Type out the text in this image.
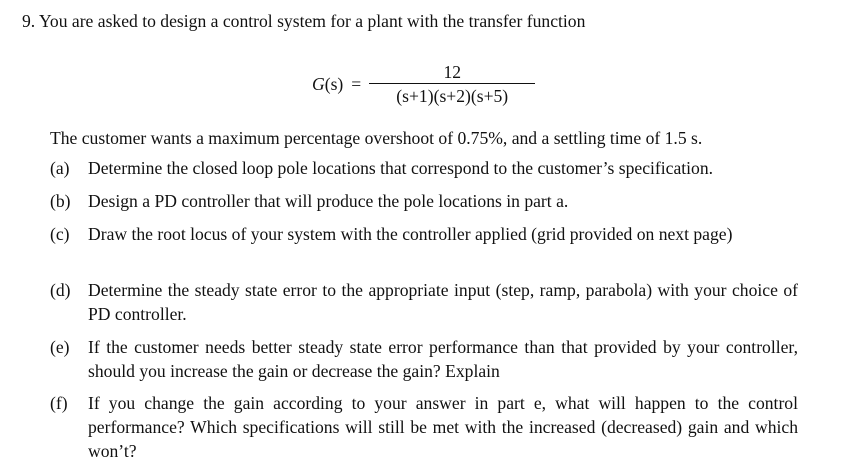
9. You are asked to design a control system for a plant with the transfer function
$G(s) = \frac{12}{(s+1)(s+2)(s+5)}$
The customer wants a maximum percentage overshoot of 0.75%, and a settling time of 1.5 s.
(a)	Determine the closed loop pole locations that correspond to the customer’s specification.
(b) Design a PD controller that will produce the pole locations in part a.
(c)	Draw the root locus of your system with the controller applied (grid provided on next page)
(d) Determine the steady state error to the appropriate input (step, ramp, parabola) with your choice of PD controller.
(e)	If the customer needs better steady state error performance than that provided by your controller, should you increase the gain or decrease the gain? Explain
(f)	If you change the gain according to your answer in part e, what will happen to the control performance? Which specifications will still be met with the increased (decreased) gain and which won’t?
